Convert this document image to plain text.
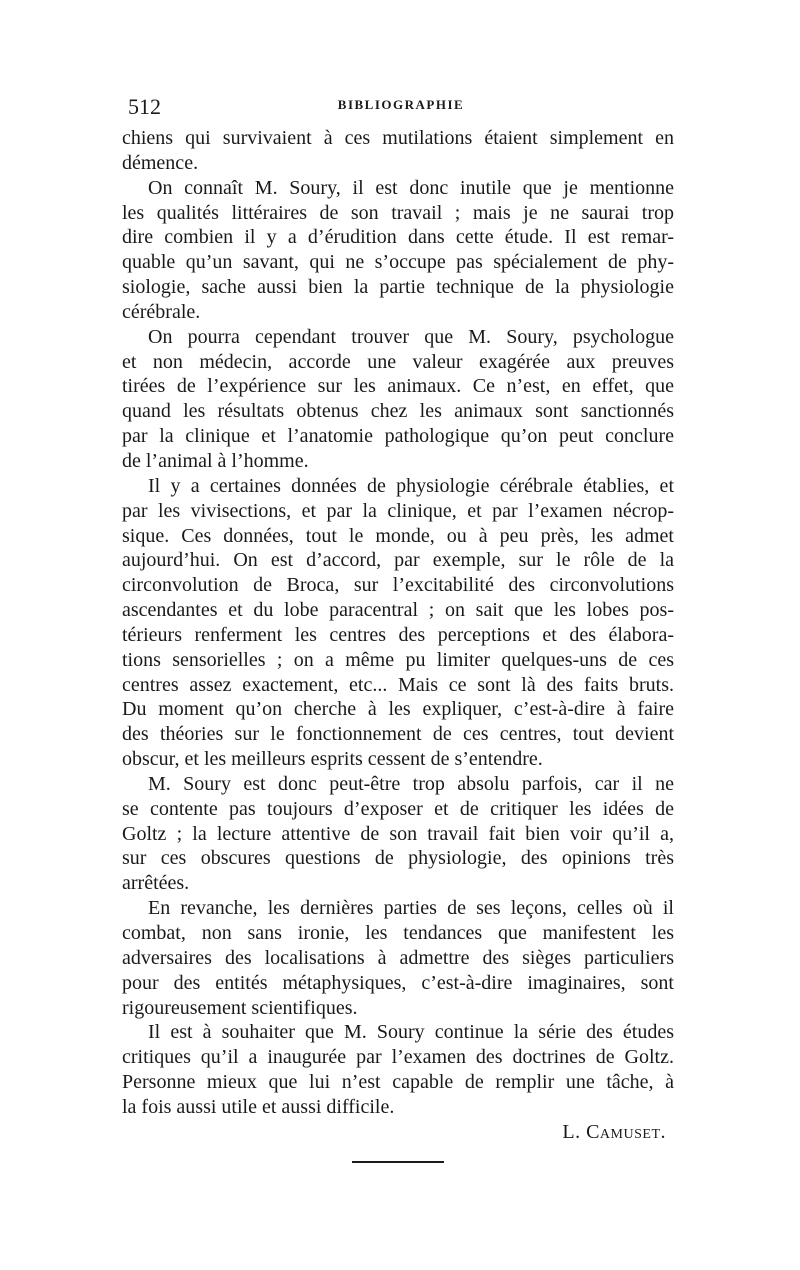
512	BIBLIOGRAPHIE
chiens qui survivaient à ces mutilations étaient simplement en
démence.
On connaît M. Soury, il est donc inutile que je mentionne
les qualités littéraires de son travail ; mais je ne saurai trop
dire combien il y a d’érudition dans cette étude. Il est remar-
quable qu’un savant, qui ne s’occupe pas spécialement de phy-
siologie, sache aussi bien la partie technique de la physiologie
cérébrale.
On pourra cependant trouver que M. Soury, psychologue
et non médecin, accorde une valeur exagérée aux preuves
tirées de l’expérience sur les animaux. Ce n’est, en effet, que
quand les résultats obtenus chez les animaux sont sanctionnés
par la clinique et l’anatomie pathologique qu’on peut conclure
de l’animal à l’homme.
Il y a certaines données de physiologie cérébrale établies, et
par les vivisections, et par la clinique, et par l’examen nécrop-
sique. Ces données, tout le monde, ou à peu près, les admet
aujourd’hui. On est d’accord, par exemple, sur le rôle de la
circonvolution de Broca, sur l’excitabilité des circonvolutions
ascendantes et du lobe paracentral ; on sait que les lobes pos-
térieurs renferment les centres des perceptions et des élabora-
tions sensorielles ; on a même pu limiter quelques-uns de ces
centres assez exactement, etc... Mais ce sont là des faits bruts.
Du moment qu’on cherche à les expliquer, c’est-à-dire à faire
des théories sur le fonctionnement de ces centres, tout devient
obscur, et les meilleurs esprits cessent de s’entendre.
M. Soury est donc peut-être trop absolu parfois, car il ne
se contente pas toujours d’exposer et de critiquer les idées de
Goltz ; la lecture attentive de son travail fait bien voir qu’il a,
sur ces obscures questions de physiologie, des opinions très
arrêtées.
En revanche, les dernières parties de ses leçons, celles où il
combat, non sans ironie, les tendances que manifestent les
adversaires des localisations à admettre des sièges particuliers
pour des entités métaphysiques, c’est-à-dire imaginaires, sont
rigoureusement scientifiques.
Il est à souhaiter que M. Soury continue la série des études
critiques qu’il a inaugurée par l’examen des doctrines de Goltz.
Personne mieux que lui n’est capable de remplir une tâche, à
la fois aussi utile et aussi difficile.
L. Camuset.
